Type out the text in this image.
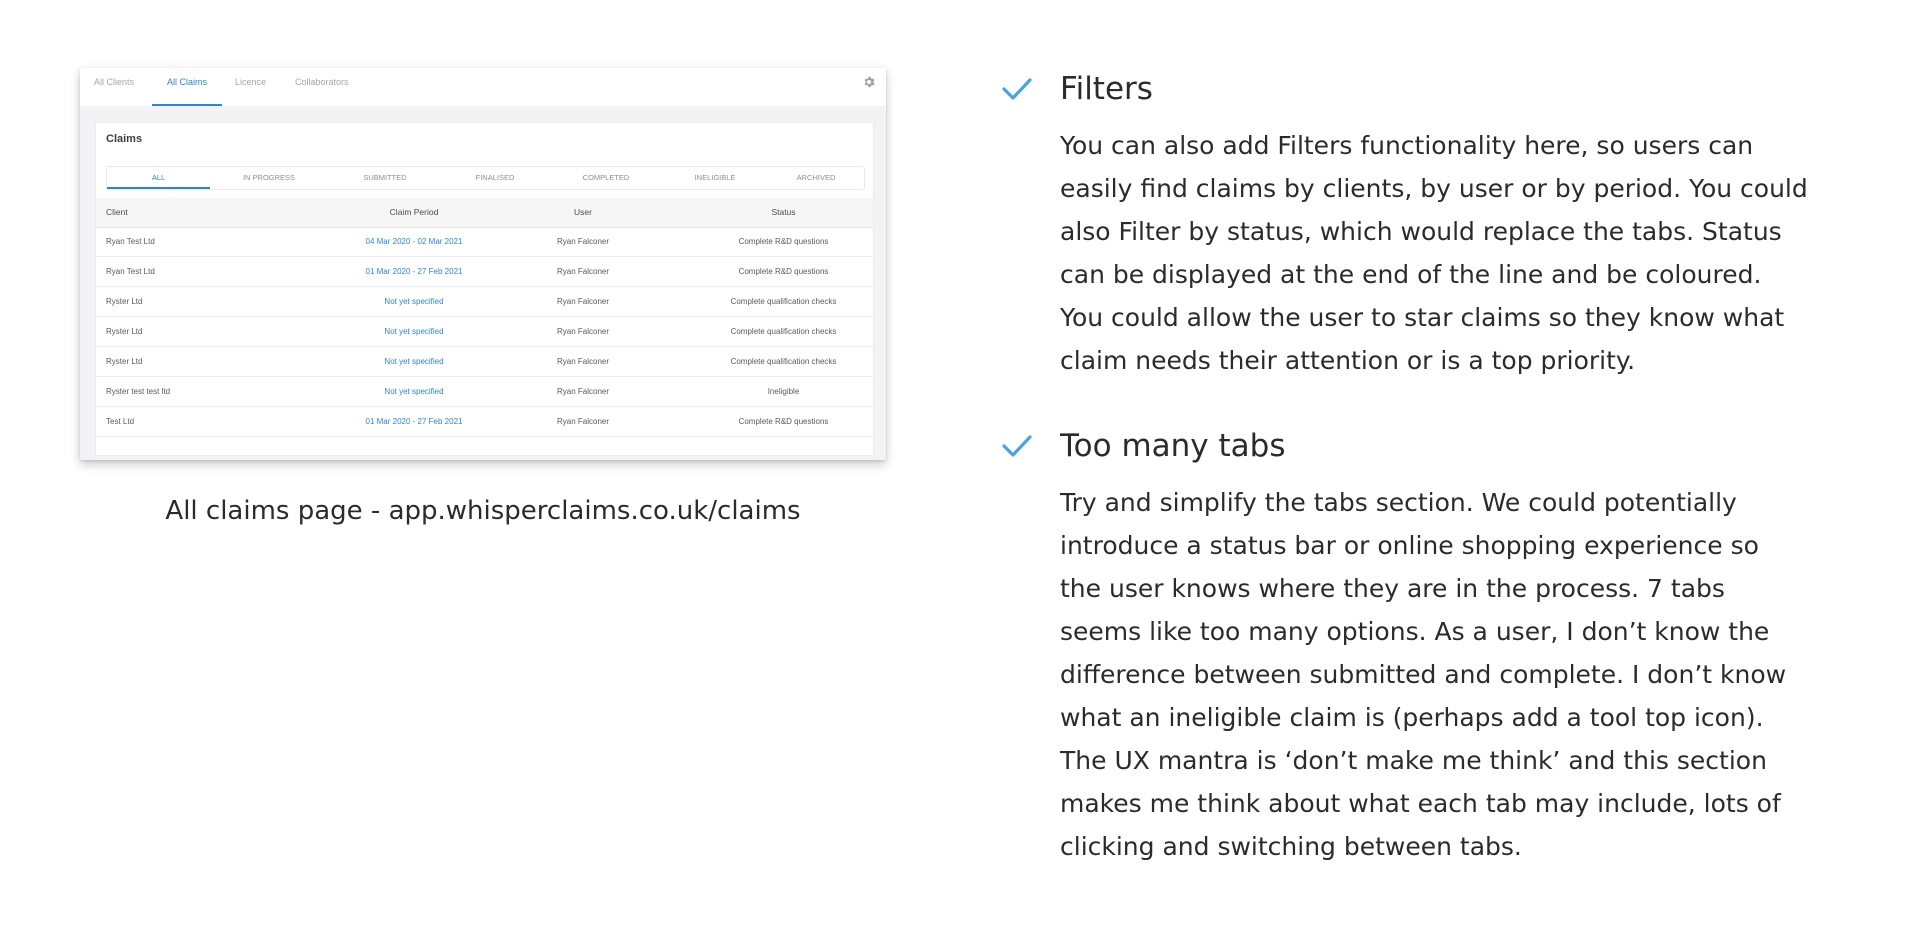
All Clients	All Claims	Licence	Collaborators
Claims
ALL	IN PROGRESS	SUBMITTED	FINALISED	COMPLETED	INELIGIBLE	ARCHIVED
Client	Claim Period	User	Status
Ryan Test Ltd	04 Mar 2020 - 02 Mar 2021	Ryan Falconer	Complete R&D questions
Ryan Test Ltd	01 Mar 2020 - 27 Feb 2021	Ryan Falconer	Complete R&D questions
Ryster Ltd	Not yet specified	Ryan Falconer	Complete qualification checks
Ryster Ltd	Not yet specified	Ryan Falconer	Complete qualification checks
Ryster Ltd	Not yet specified	Ryan Falconer	Complete qualification checks
Ryster test test ltd	Not yet specified	Ryan Falconer	Ineligible
Test Ltd	01 Mar 2020 - 27 Feb 2021	Ryan Falconer	Complete R&D questions
All claims page - app.whisperclaims.co.uk/claims
Filters
You can also add Filters functionality here, so users can
easily find claims by clients, by user or by period. You could
also Filter by status, which would replace the tabs. Status
can be displayed at the end of the line and be coloured.
You could allow the user to star claims so they know what
claim needs their attention or is a top priority.
Too many tabs
Try and simplify the tabs section. We could potentially
introduce a status bar or online shopping experience so
the user knows where they are in the process. 7 tabs
seems like too many options. As a user, I don’t know the
difference between submitted and complete. I don’t know
what an ineligible claim is (perhaps add a tool top icon).
The UX mantra is ‘don’t make me think’ and this section
makes me think about what each tab may include, lots of
clicking and switching between tabs.
